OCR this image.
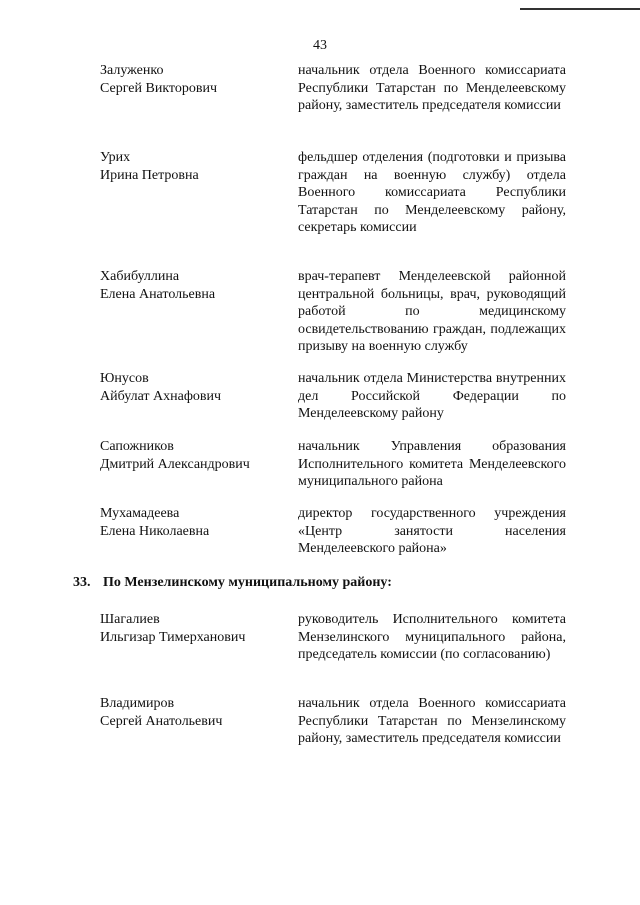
43
Залуженко
Сергей Викторович
начальник отдела Военного комиссариата Республики Татарстан по Менделеевскому району, заместитель председателя комиссии
Урих
Ирина Петровна
фельдшер отделения (подготовки и призыва граждан на военную службу) отдела Военного комиссариата Республики Татарстан по Менделеевскому району, секретарь комиссии
Хабибуллина
Елена Анатольевна
врач-терапевт Менделеевской районной центральной больницы, врач, руководящий работой по медицинскому освидетельствованию граждан, подлежащих призыву на военную службу
Юнусов
Айбулат Ахнафович
начальник отдела Министерства внутренних дел Российской Федерации по Менделеевскому району
Сапожников
Дмитрий Александрович
начальник Управления образования Исполнительного комитета Менделеевского муниципального района
Мухамадеева
Елена Николаевна
директор государственного учреждения «Центр занятости населения Менделеевского района»
33. По Мензелинскому муниципальному району:
Шагалиев
Ильгизар Тимерханович
руководитель Исполнительного комитета Мензелинского муниципального района, председатель комиссии (по согласованию)
Владимиров
Сергей Анатольевич
начальник отдела Военного комиссариата Республики Татарстан по Мензелинскому району, заместитель председателя комиссии
